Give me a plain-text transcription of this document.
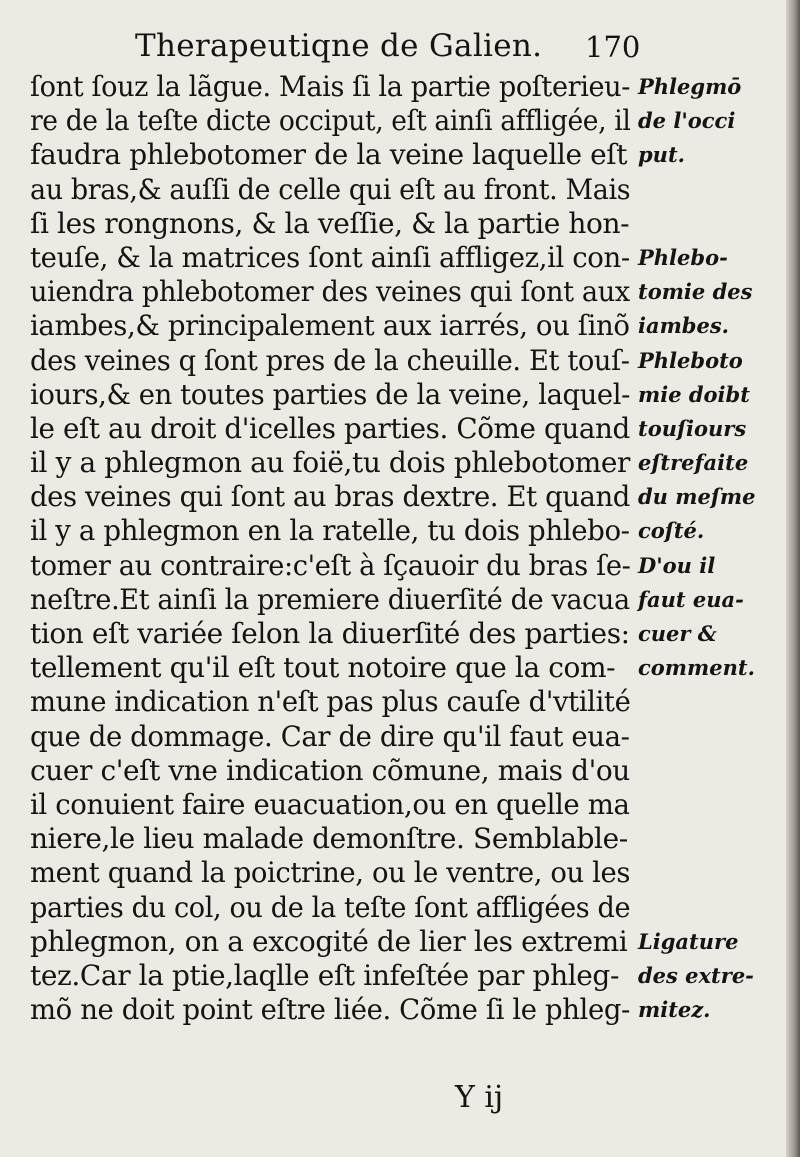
Therapeutiqne de Galien. 170
ſont ſouz la lãgue. Mais ſi la partie poſterieu-
re de la teſte dicte occiput, eſt ainſi affligée, il
faudra phlebotomer de la veine laquelle eſt
au bras,& auſſi de celle qui eſt au front. Mais
ſi les rongnons, & la veſſie, & la partie hon-
teuſe, & la matrices ſont ainſi affligez,il con-
uiendra phlebotomer des veines qui ſont aux
iambes,& principalement aux iarrés, ou ſinõ
des veines q ſont pres de la cheuille. Et touſ-
iours,& en toutes parties de la veine, laquel-
le eſt au droit d'icelles parties. Cõme quand
il y a phlegmon au foië,tu dois phlebotomer
des veines qui ſont au bras dextre. Et quand
il y a phlegmon en la ratelle, tu dois phlebo-
tomer au contraire:c'eſt à ſçauoir du bras ſe-
neſtre.Et ainſi la premiere diuerſité de vacua
tion eſt variée ſelon la diuerſité des parties:
tellement qu'il eſt tout notoire que la com-
mune indication n'eſt pas plus cauſe d'vtilité
que de dommage. Car de dire qu'il faut eua-
cuer c'eſt vne indication cõmune, mais d'ou
il conuient faire euacuation,ou en quelle ma
niere,le lieu malade demonſtre. Semblable-
ment quand la poictrine, ou le ventre, ou les
parties du col, ou de la teſte ſont affligées de
phlegmon, on a excogité de lier les extremi
tez.Car la ptie,laqlle eſt infeſtée par phleg-
mõ ne doit point eſtre liée. Cõme ſi le phleg-
Phlegmō
de l'occi
put.
Phlebo-
tomie des
iambes.
Phleboto
mie doibt
touſiours
eſtrefaite
du meſme
coſté.
D'ou il
faut eua-
cuer &
comment.
Ligature
des extre-
mitez.
Y ij
